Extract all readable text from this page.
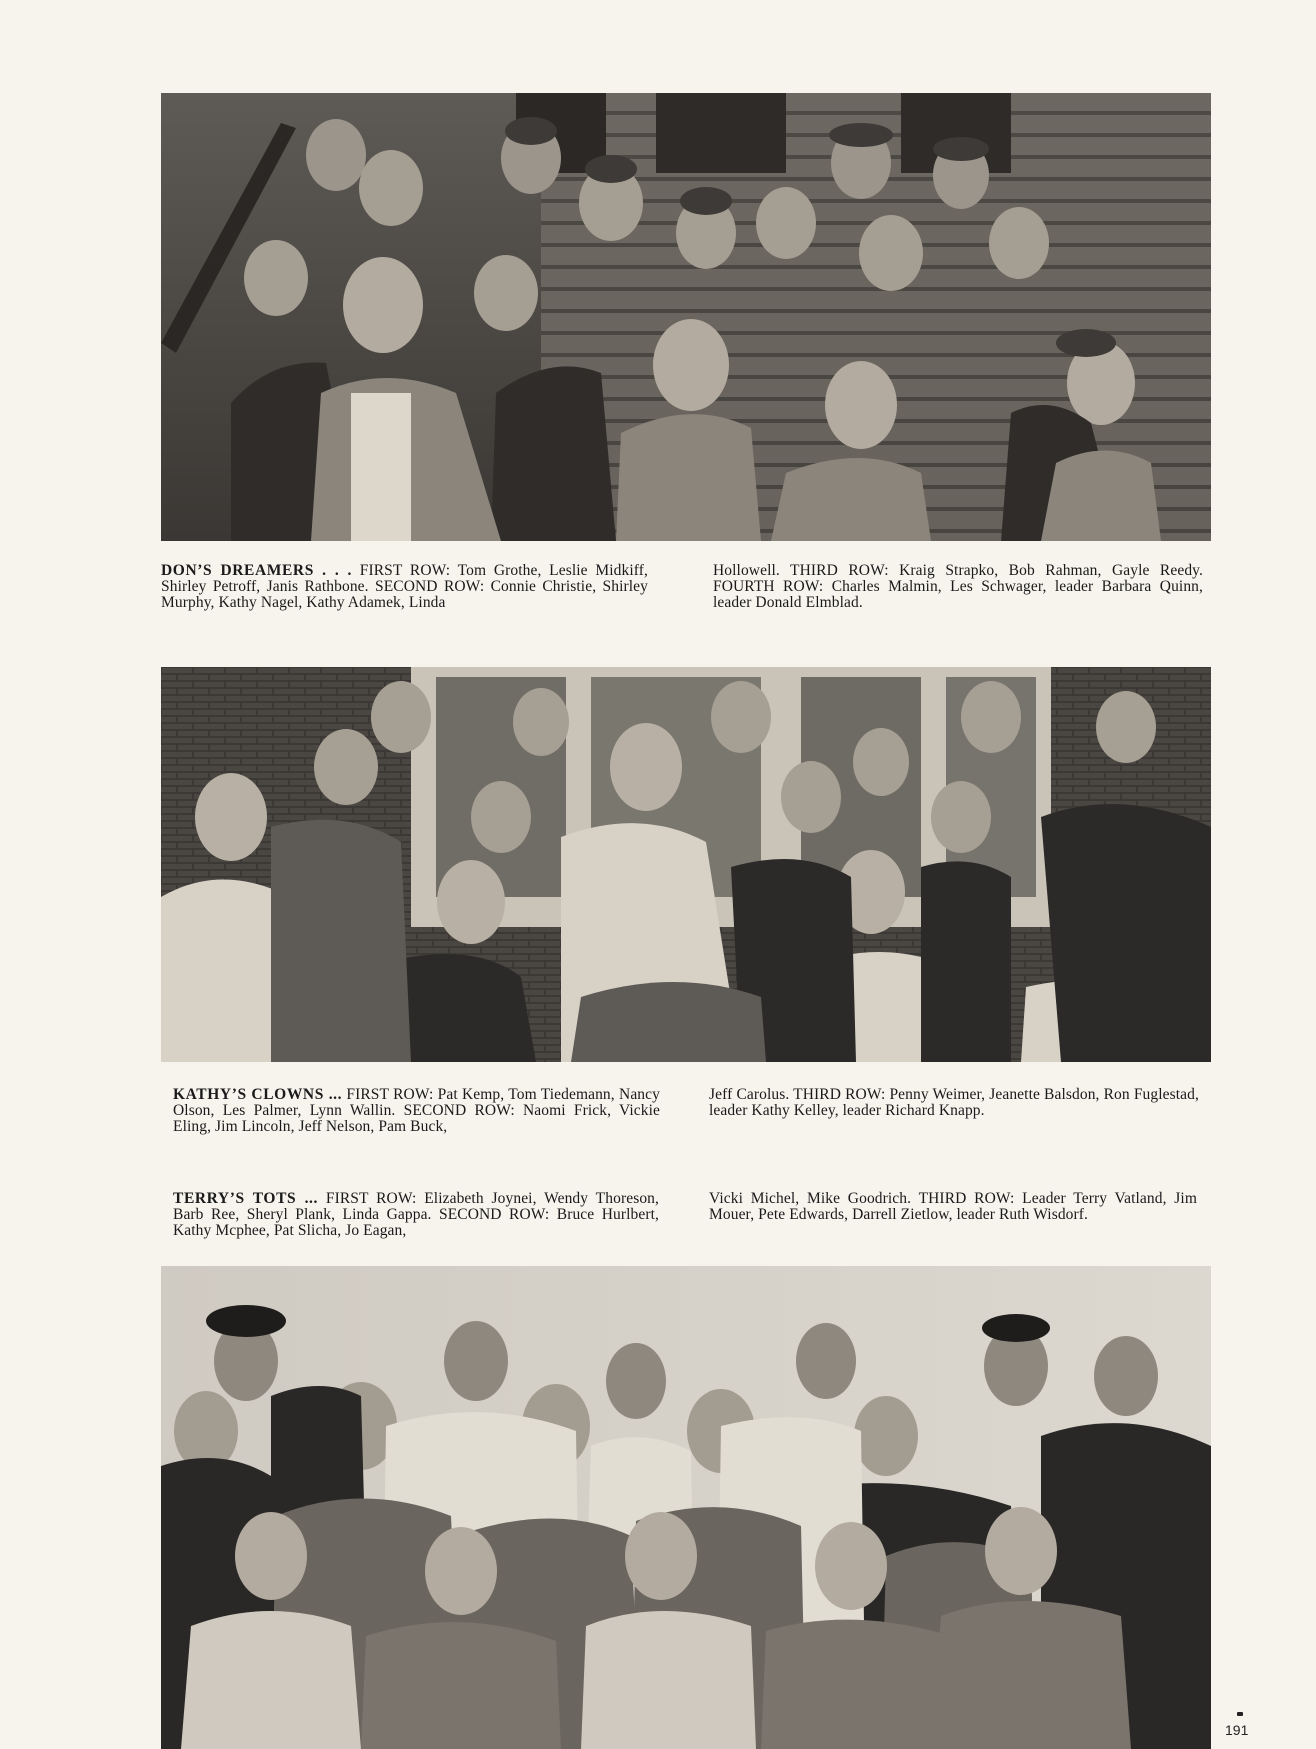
DON’S DREAMERS . . . FIRST ROW: Tom Grothe, Leslie Midkiff, Shirley Petroff, Janis Rathbone. SECOND ROW: Connie Christie, Shirley Murphy, Kathy Nagel, Kathy Adamek, Linda

Hollowell. THIRD ROW: Kraig Strapko, Bob Rahman, Gayle Reedy. FOURTH ROW: Charles Malmin, Les Schwager, leader Barbara Quinn, leader Donald Elmblad.

KATHY’S CLOWNS ... FIRST ROW: Pat Kemp, Tom Tiedemann, Nancy Olson, Les Palmer, Lynn Wallin. SECOND ROW: Naomi Frick, Vickie Eling, Jim Lincoln, Jeff Nelson, Pam Buck,

Jeff Carolus. THIRD ROW: Penny Weimer, Jeanette Balsdon, Ron Fuglestad, leader Kathy Kelley, leader Richard Knapp.

TERRY’S TOTS ... FIRST ROW: Elizabeth Joynei, Wendy Thoreson, Barb Ree, Sheryl Plank, Linda Gappa. SECOND ROW: Bruce Hurlbert, Kathy Mcphee, Pat Slicha, Jo Eagan,

Vicki Michel, Mike Goodrich. THIRD ROW: Leader Terry Vatland, Jim Mouer, Pete Edwards, Darrell Zietlow, leader Ruth Wisdorf.

191
